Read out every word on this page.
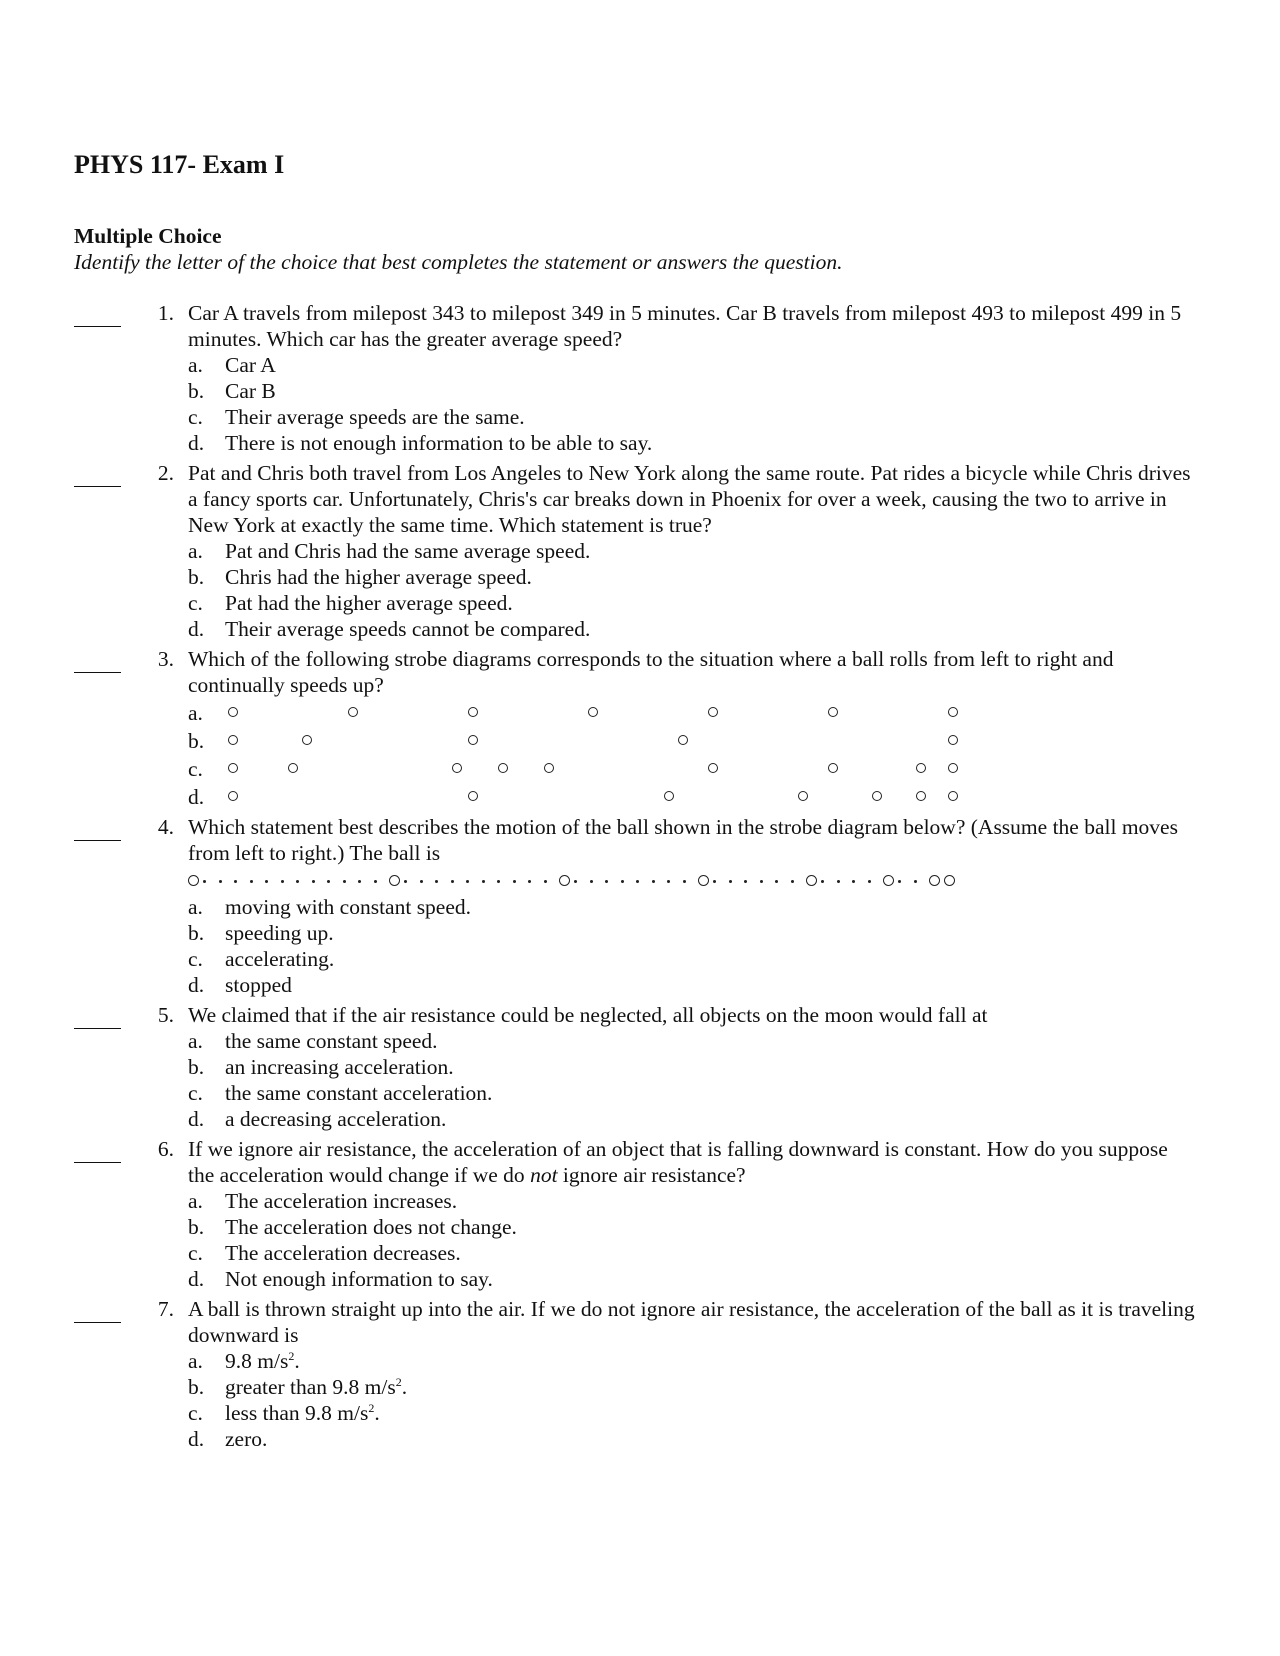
PHYS 117- Exam I
Multiple Choice
Identify the letter of the choice that best completes the statement or answers the question.
1. Car A travels from milepost 343 to milepost 349 in 5 minutes. Car B travels from milepost 493 to milepost 499 in 5 minutes. Which car has the greater average speed?
a. Car A
b. Car B
c. Their average speeds are the same.
d. There is not enough information to be able to say.
2. Pat and Chris both travel from Los Angeles to New York along the same route. Pat rides a bicycle while Chris drives a fancy sports car. Unfortunately, Chris's car breaks down in Phoenix for over a week, causing the two to arrive in New York at exactly the same time. Which statement is true?
a. Pat and Chris had the same average speed.
b. Chris had the higher average speed.
c. Pat had the higher average speed.
d. Their average speeds cannot be compared.
3. Which of the following strobe diagrams corresponds to the situation where a ball rolls from left to right and continually speeds up?
a.
b.
c.
d.
4. Which statement best describes the motion of the ball shown in the strobe diagram below? (Assume the ball moves from left to right.) The ball is
a. moving with constant speed.
b. speeding up.
c. accelerating.
d. stopped
5. We claimed that if the air resistance could be neglected, all objects on the moon would fall at
a. the same constant speed.
b. an increasing acceleration.
c. the same constant acceleration.
d. a decreasing acceleration.
6. If we ignore air resistance, the acceleration of an object that is falling downward is constant. How do you suppose the acceleration would change if we do not ignore air resistance?
a. The acceleration increases.
b. The acceleration does not change.
c. The acceleration decreases.
d. Not enough information to say.
7. A ball is thrown straight up into the air. If we do not ignore air resistance, the acceleration of the ball as it is traveling downward is
a. 9.8 $m/s^2$.
b. greater than 9.8 $m/s^2$.
c. less than 9.8 $m/s^2$.
d. zero.
